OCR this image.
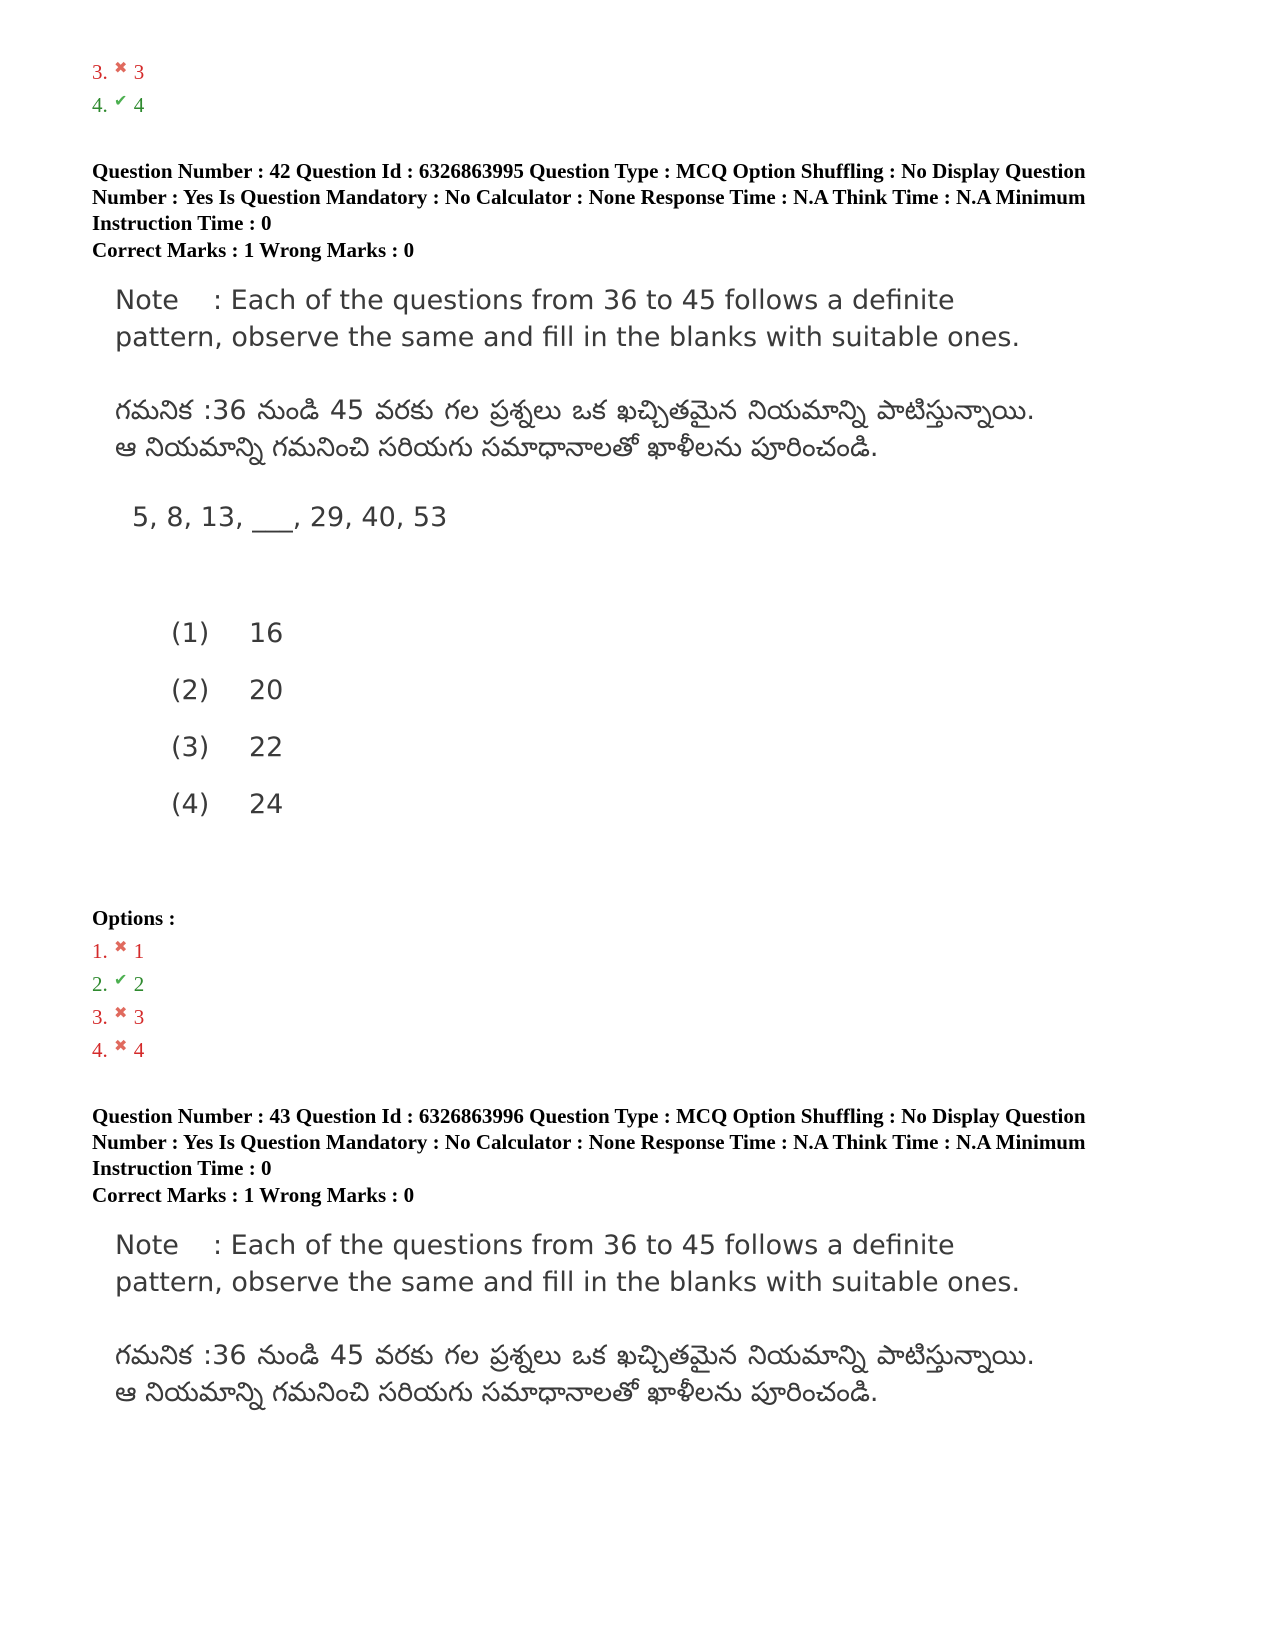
3. ✖ 3
4. ✔ 4
Question Number : 42 Question Id : 6326863995 Question Type : MCQ Option Shuffling : No Display Question
Number : Yes Is Question Mandatory : No Calculator : None Response Time : N.A Think Time : N.A Minimum
Instruction Time : 0
Correct Marks : 1 Wrong Marks : 0
Note : Each of the questions from 36 to 45 follows a definite pattern, observe the same and fill in the blanks with suitable ones.
గమనిక :36 నుండి 45 వరకు గల ప్రశ్నలు ఒక ఖచ్చితమైన నియమాన్ని పాటిస్తున్నాయి. ఆ నియమాన్ని గమనించి సరియగు సమాధానాలతో ఖాళీలను పూరించండి.
5, 8, 13, ___, 29, 40, 53
(1) 16
(2) 20
(3) 22
(4) 24
Options :
1. ✖ 1
2. ✔ 2
3. ✖ 3
4. ✖ 4
Question Number : 43 Question Id : 6326863996 Question Type : MCQ Option Shuffling : No Display Question
Number : Yes Is Question Mandatory : No Calculator : None Response Time : N.A Think Time : N.A Minimum
Instruction Time : 0
Correct Marks : 1 Wrong Marks : 0
Note : Each of the questions from 36 to 45 follows a definite pattern, observe the same and fill in the blanks with suitable ones.
గమనిక :36 నుండి 45 వరకు గల ప్రశ్నలు ఒక ఖచ్చితమైన నియమాన్ని పాటిస్తున్నాయి. ఆ నియమాన్ని గమనించి సరియగు సమాధానాలతో ఖాళీలను పూరించండి.
